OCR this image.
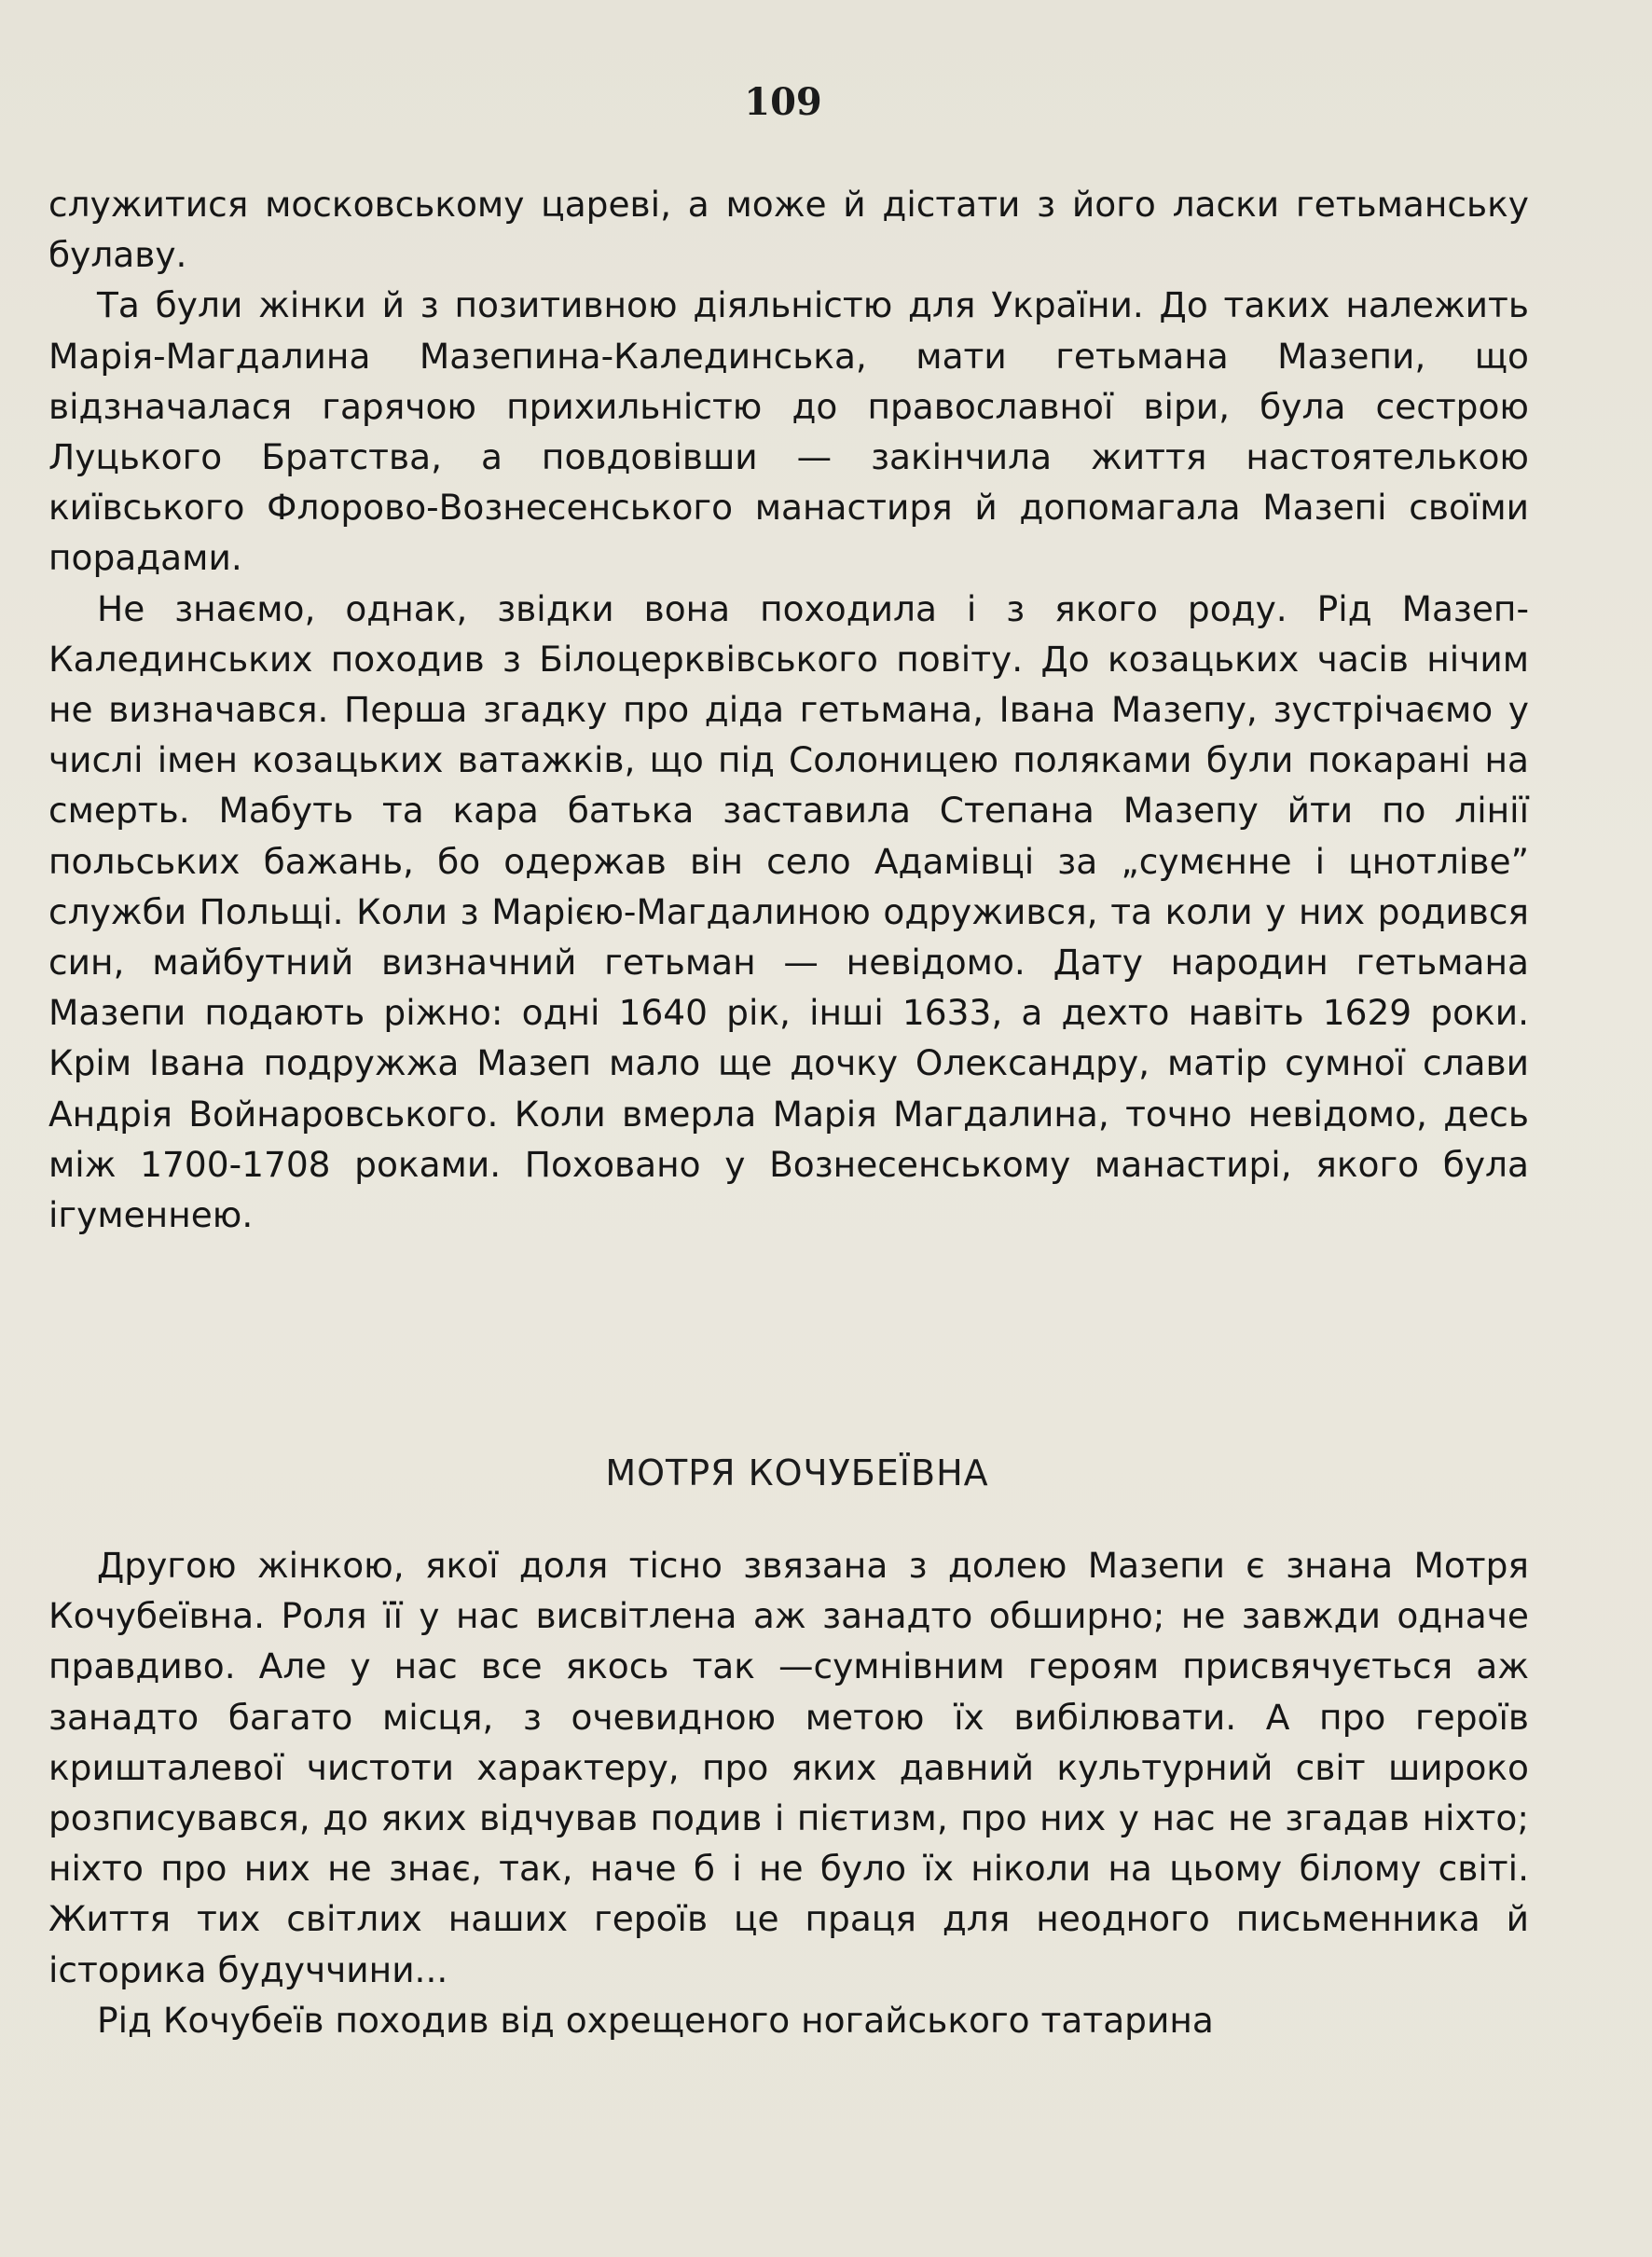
109

служитися московському цареві, а може й дістати з його ласки гетьманську булаву.

Та були жінки й з позитивною діяльністю для України. До таких належить Марія-Магдалина Мазепина-Калединська, мати гетьмана Мазепи, що відзначалася гарячою прихильністю до православної віри, була сестрою Луцького Братства, а повдовівши — закінчила життя настоятелькою київського Флорово-Вознесенського манастиря й допомагала Мазепі своїми порадами.

Не знаємо, однак, звідки вона походила і з якого роду. Рід Мазеп-Калединських походив з Білоцерквівського повіту. До козацьких часів нічим не визначався. Перша згадку про діда гетьмана, Івана Мазепу, зустрічаємо у числі імен козацьких ватажків, що під Солоницею поляками були покарані на смерть. Мабуть та кара батька заставила Степана Мазепу йти по лінії польських бажань, бо одержав він село Адамівці за „сумєнне і цнотліве” служби Польщі. Коли з Марією-Магдалиною одружився, та коли у них родився син, майбутний визначний гетьман — невідомо. Дату народин гетьмана Мазепи подають ріжно: одні 1640 рік, інші 1633, а дехто навіть 1629 роки. Крім Івана подружжа Мазеп мало ще дочку Олександру, матір сумної слави Андрія Войнаровського. Коли вмерла Марія Магдалина, точно невідомо, десь між 1700-1708 роками. Поховано у Вознесенському манастирі, якого була ігуменнею.

МОТРЯ КОЧУБЕЇВНА

Другою жінкою, якої доля тісно звязана з долею Мазепи є знана Мотря Кочубеївна. Роля її у нас висвітлена аж занадто обширно; не завжди одначе правдиво. Але у нас все якось так —сумнівним героям присвячується аж занадто багато місця, з очевидною метою їх вибілювати. А про героїв кришталевої чистоти характеру, про яких давний культурний світ широко розписувався, до яких відчував подив і пієтизм, про них у нас не згадав ніхто; ніхто про них не знає, так, наче б і не було їх ніколи на цьому білому світі. Життя тих світлих наших героїв це праця для неодного письменника й історика будуччини...

Рід Кочубеїв походив від охрещеного ногайського татарина
